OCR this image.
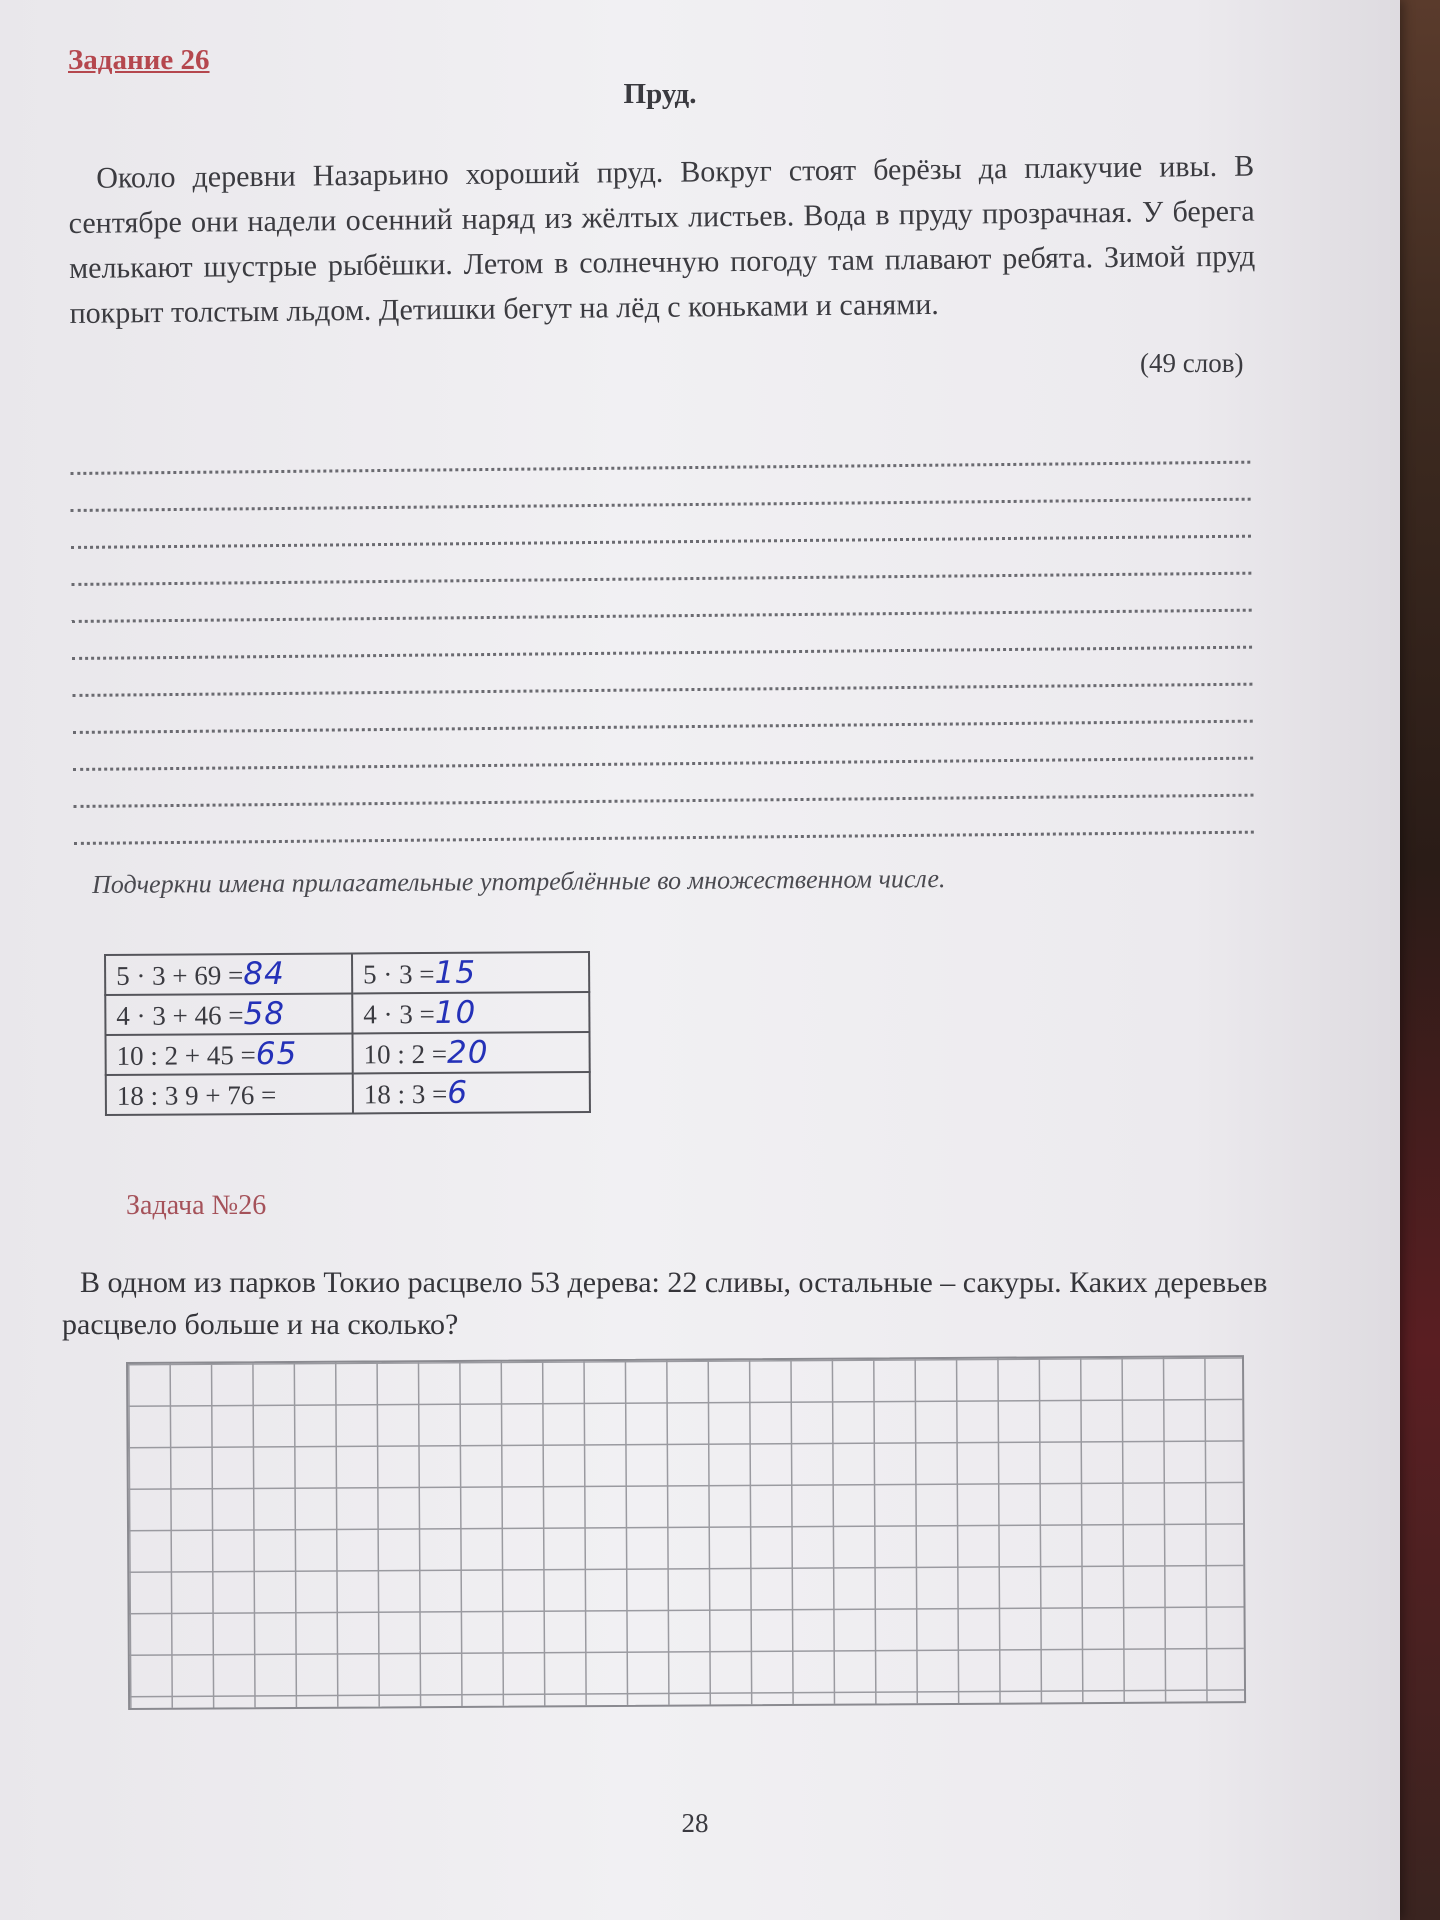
Задание 26
Пруд.
Около деревни Назарьино хороший пруд. Вокруг стоят берёзы да плакучие ивы. В сентябре они надели осенний наряд из жёлтых листьев. Вода в пруду прозрачная. У берега мелькают шустрые рыбёшки. Летом в солнечную погоду там плавают ребята. Зимой пруд покрыт толстым льдом. Детишки бегут на лёд с коньками и санями.
(49 слов)
Подчеркни имена прилагательные употреблённые во множественном числе.
5 · 3 + 69 =84	5 · 3 =15
4 · 3 + 46 =58	4 · 3 =10
10 : 2 + 45 =65	10 : 2 =20
18 : 3 9 + 76 =	18 : 3 =6
Задача №26
В одном из парков Токио расцвело 53 дерева: 22 сливы, остальные – сакуры. Каких деревьев расцвело больше и на сколько?
28
